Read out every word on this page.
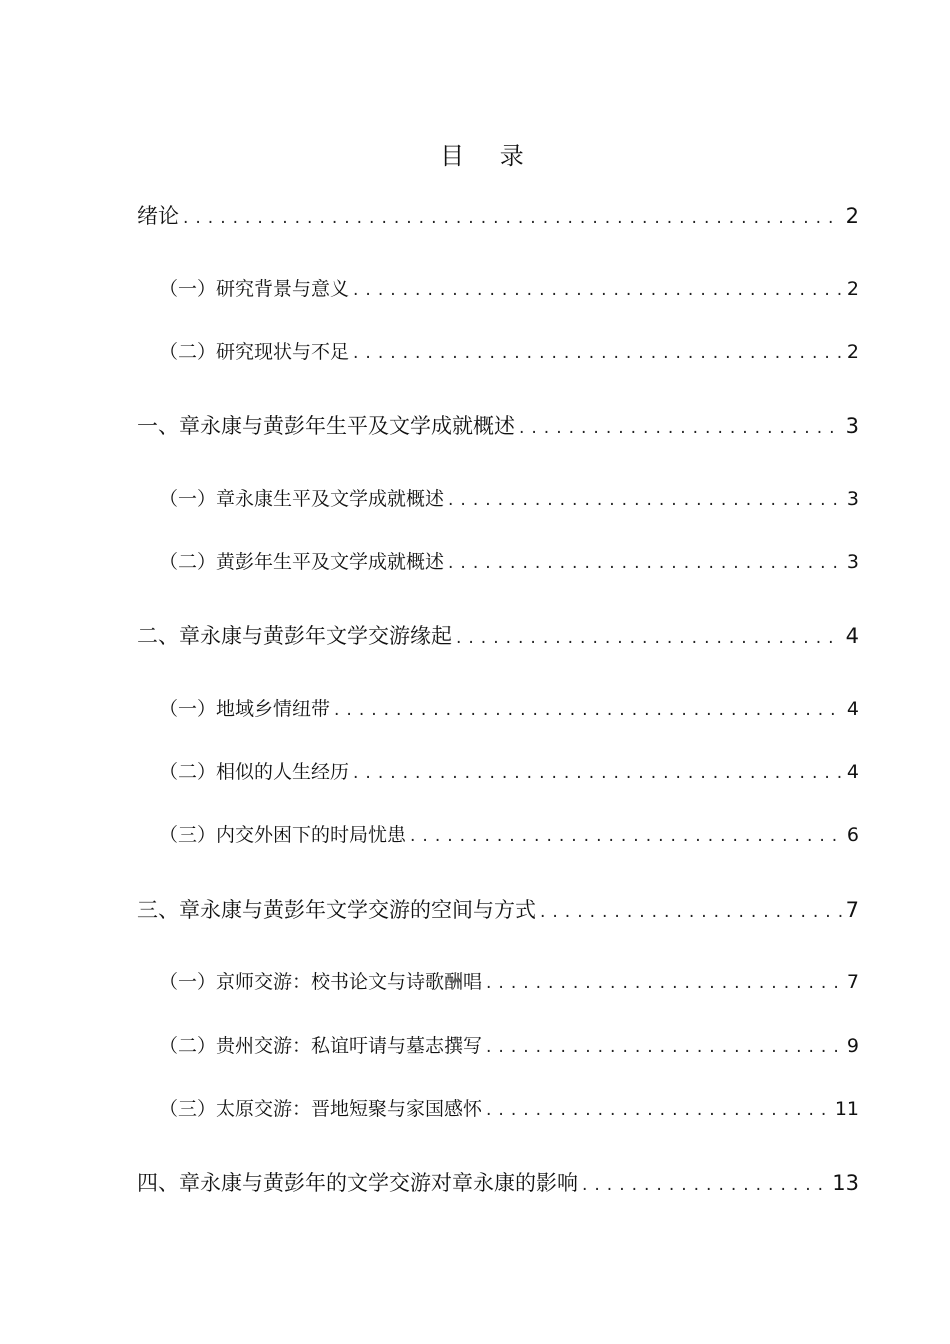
目 录
绪论 .....	2
（一）研究背景与意义 .....	2
（二）研究现状与不足 .....	2
一、章永康与黄彭年生平及文学成就概述 .....	3
（一）章永康生平及文学成就概述 .....	3
（二）黄彭年生平及文学成就概述 .....	3
二、章永康与黄彭年文学交游缘起 .....	4
（一）地域乡情纽带 .....	4
（二）相似的人生经历 .....	4
（三）内交外困下的时局忧患 .....	6
三、章永康与黄彭年文学交游的空间与方式 .....	7
（一）京师交游：校书论文与诗歌酬唱 .....	7
（二）贵州交游：私谊吁请与墓志撰写 .....	9
（三）太原交游：晋地短聚与家国感怀 .....	11
四、章永康与黄彭年的文学交游对章永康的影响 .....	13
